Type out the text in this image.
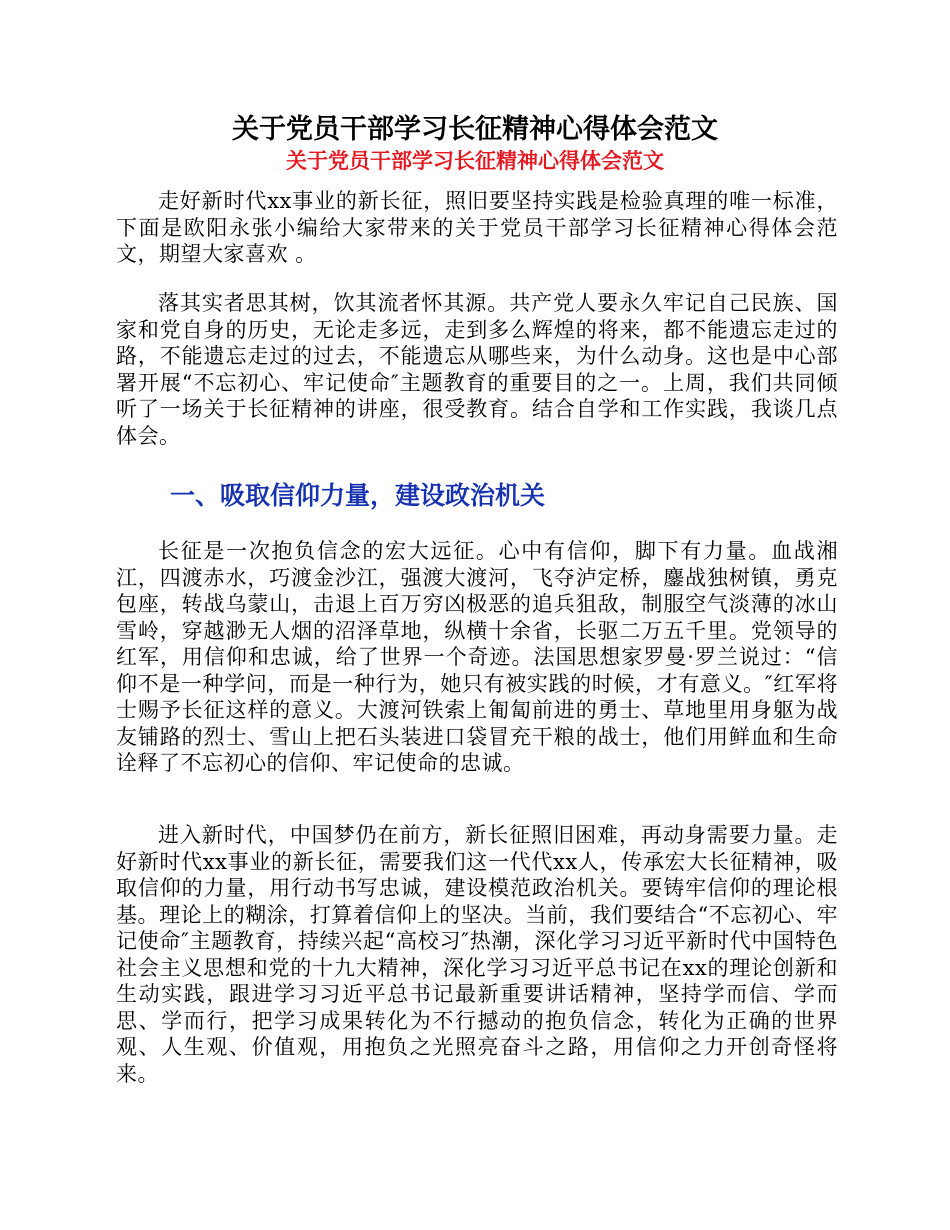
关于党员干部学习长征精神心得体会范文
关于党员干部学习长征精神心得体会范文

走好新时代xx事业的新长征，照旧要坚持实践是检验真理的唯一标准，下面是欧阳永张小编给大家带来的关于党员干部学习长征精神心得体会范文，期望大家喜欢 。

落其实者思其树，饮其流者怀其源。共产党人要永久牢记自己民族、国家和党自身的历史，无论走多远，走到多么辉煌的将来，都不能遗忘走过的路，不能遗忘走过的过去，不能遗忘从哪些来，为什么动身。这也是中心部署开展“不忘初心、牢记使命″主题教育的重要目的之一。上周，我们共同倾听了一场关于长征精神的讲座，很受教育。结合自学和工作实践，我谈几点体会。

一、吸取信仰力量，建设政治机关

长征是一次抱负信念的宏大远征。心中有信仰，脚下有力量。血战湘江，四渡赤水，巧渡金沙江，强渡大渡河，飞夺泸定桥，鏖战独树镇，勇克包座，转战乌蒙山，击退上百万穷凶极恶的追兵狙敌，制服空气淡薄的冰山雪岭，穿越渺无人烟的沼泽草地，纵横十余省，长驱二万五千里。党领导的红军，用信仰和忠诚，给了世界一个奇迹。法国思想家罗曼·罗兰说过：“信仰不是一种学问，而是一种行为，她只有被实践的时候，才有意义。″红军将士赐予长征这样的意义。大渡河铁索上匍匐前进的勇士、草地里用身躯为战友铺路的烈士、雪山上把石头装进口袋冒充干粮的战士，他们用鲜血和生命诠释了不忘初心的信仰、牢记使命的忠诚。

进入新时代，中国梦仍在前方，新长征照旧困难，再动身需要力量。走好新时代xx事业的新长征，需要我们这一代代xx人，传承宏大长征精神，吸取信仰的力量，用行动书写忠诚，建设模范政治机关。要铸牢信仰的理论根基。理论上的糊涂，打算着信仰上的坚决。当前，我们要结合“不忘初心、牢记使命″主题教育，持续兴起“高校习″热潮，深化学习习近平新时代中国特色社会主义思想和党的十九大精神，深化学习习近平总书记在xx的理论创新和生动实践，跟进学习习近平总书记最新重要讲话精神，坚持学而信、学而思、学而行，把学习成果转化为不行撼动的抱负信念，转化为正确的世界观、人生观、价值观，用抱负之光照亮奋斗之路，用信仰之力开创奇怪将来。
